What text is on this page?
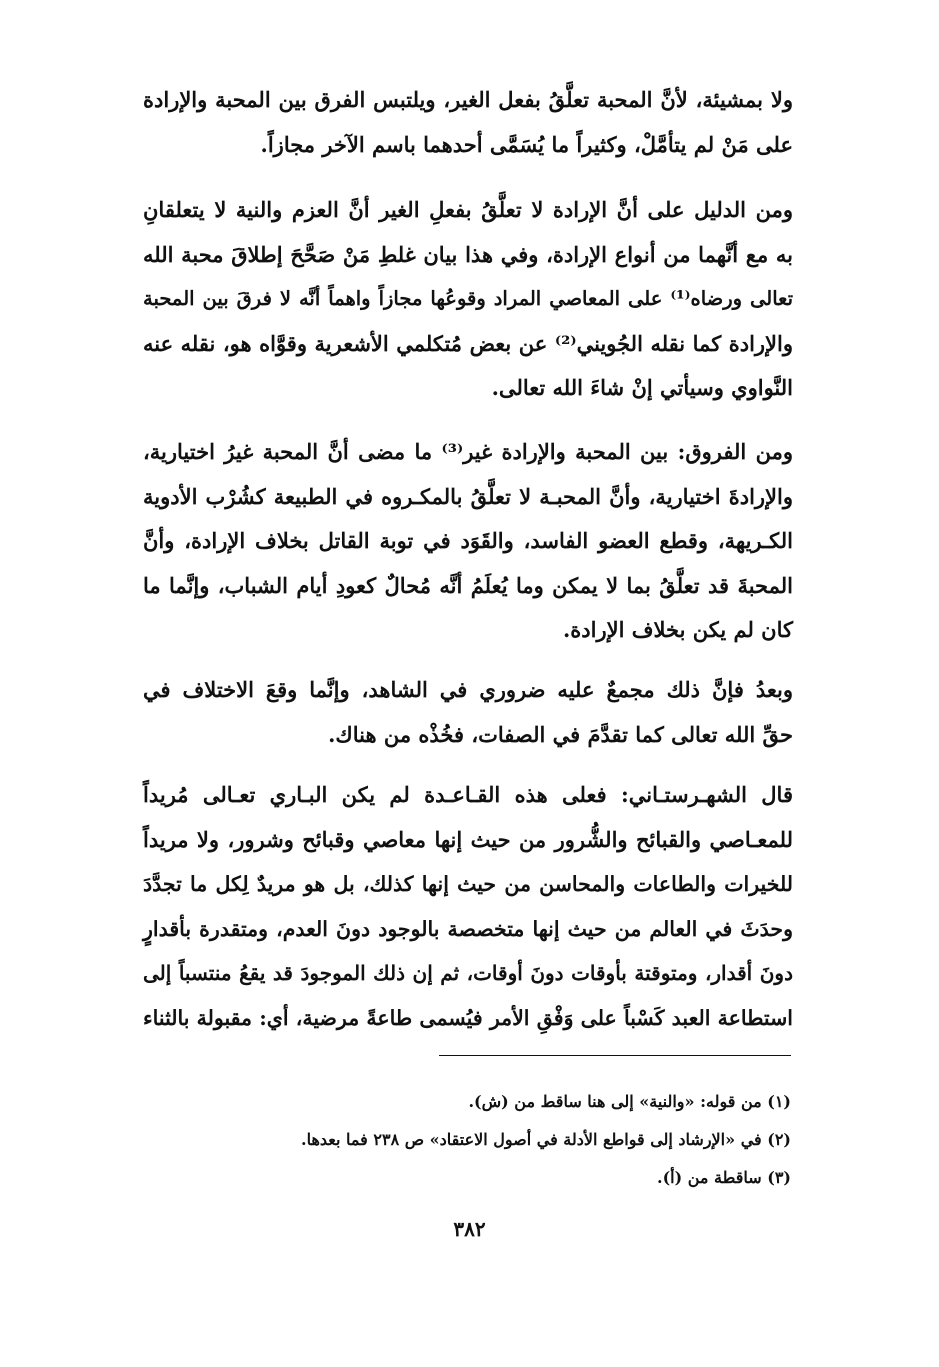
ولا بمشيئة، لأنَّ المحبة تعلَّقُ بفعل الغير، ويلتبس الفرق بين المحبة والإرادة
على مَنْ لم يتأمَّلْ، وكثيراً ما يُسَمَّى أحدهما باسم الآخر مجازاً.

ومن الدليل على أنَّ الإرادة لا تعلَّقُ بفعلِ الغير أنَّ العزم والنية لا يتعلقانِ
به مع أنَّهما من أنواع الإرادة، وفي هذا بيان غلطِ مَنْ صَحَّحَ إطلاقَ محبة الله
تعالى ورضاه⁽¹⁾ على المعاصي المراد وقوعُها مجازاً واهماً أنَّه لا فرقَ بين المحبة
والإرادة كما نقله الجُويني⁽²⁾ عن بعض مُتكلمي الأشعرية وقوَّاه هو، نقله عنه
النَّواوي وسيأتي إنْ شاءَ الله تعالى.

ومن الفروق: بين المحبة والإرادة غير⁽³⁾ ما مضى أنَّ المحبة غيرُ اختيارية،
والإرادةَ اختيارية، وأنَّ المحبـة لا تعلَّقُ بالمكـروه في الطبيعة كشُرْب الأدوية
الكـريهة، وقطع العضو الفاسد، والقَوَد في توبة القاتل بخلاف الإرادة، وأنَّ
المحبةَ قد تعلَّقُ بما لا يمكن وما يُعلَمُ أنَّه مُحالٌ كعودِ أيام الشباب، وإنَّما ما
كان لم يكن بخلاف الإرادة.

وبعدُ فإنَّ ذلك مجمعٌ عليه ضروري في الشاهد، وإنَّما وقعَ الاختلاف في
حقِّ الله تعالى كما تقدَّمَ في الصفات، فخُذْه من هناك.

قال الشهـرستـاني: فعلى هذه القـاعـدة لم يكن البـاري تعـالى مُريداً
للمعـاصي والقبائح والشُّرور من حيث إنها معاصي وقبائح وشرور، ولا مريداً
للخيرات والطاعات والمحاسن من حيث إنها كذلك، بل هو مريدٌ لِكل ما تجدَّدَ
وحدَثَ في العالم من حيث إنها متخصصة بالوجود دونَ العدم، ومتقدرة بأقدارٍ
دونَ أقدار، ومتوقتة بأوقات دونَ أوقات، ثم إن ذلك الموجودَ قد يقعُ منتسباً إلى
استطاعة العبد كَسْباً على وَفْقِ الأمر فيُسمى طاعةً مرضية، أي: مقبولة بالثناء

(١) من قوله: «والنية» إلى هنا ساقط من (ش).
(٢) في «الإرشاد إلى قواطع الأدلة في أصول الاعتقاد» ص ٢٣٨ فما بعدها.
(٣) ساقطة من (أ).
٣٨٢
